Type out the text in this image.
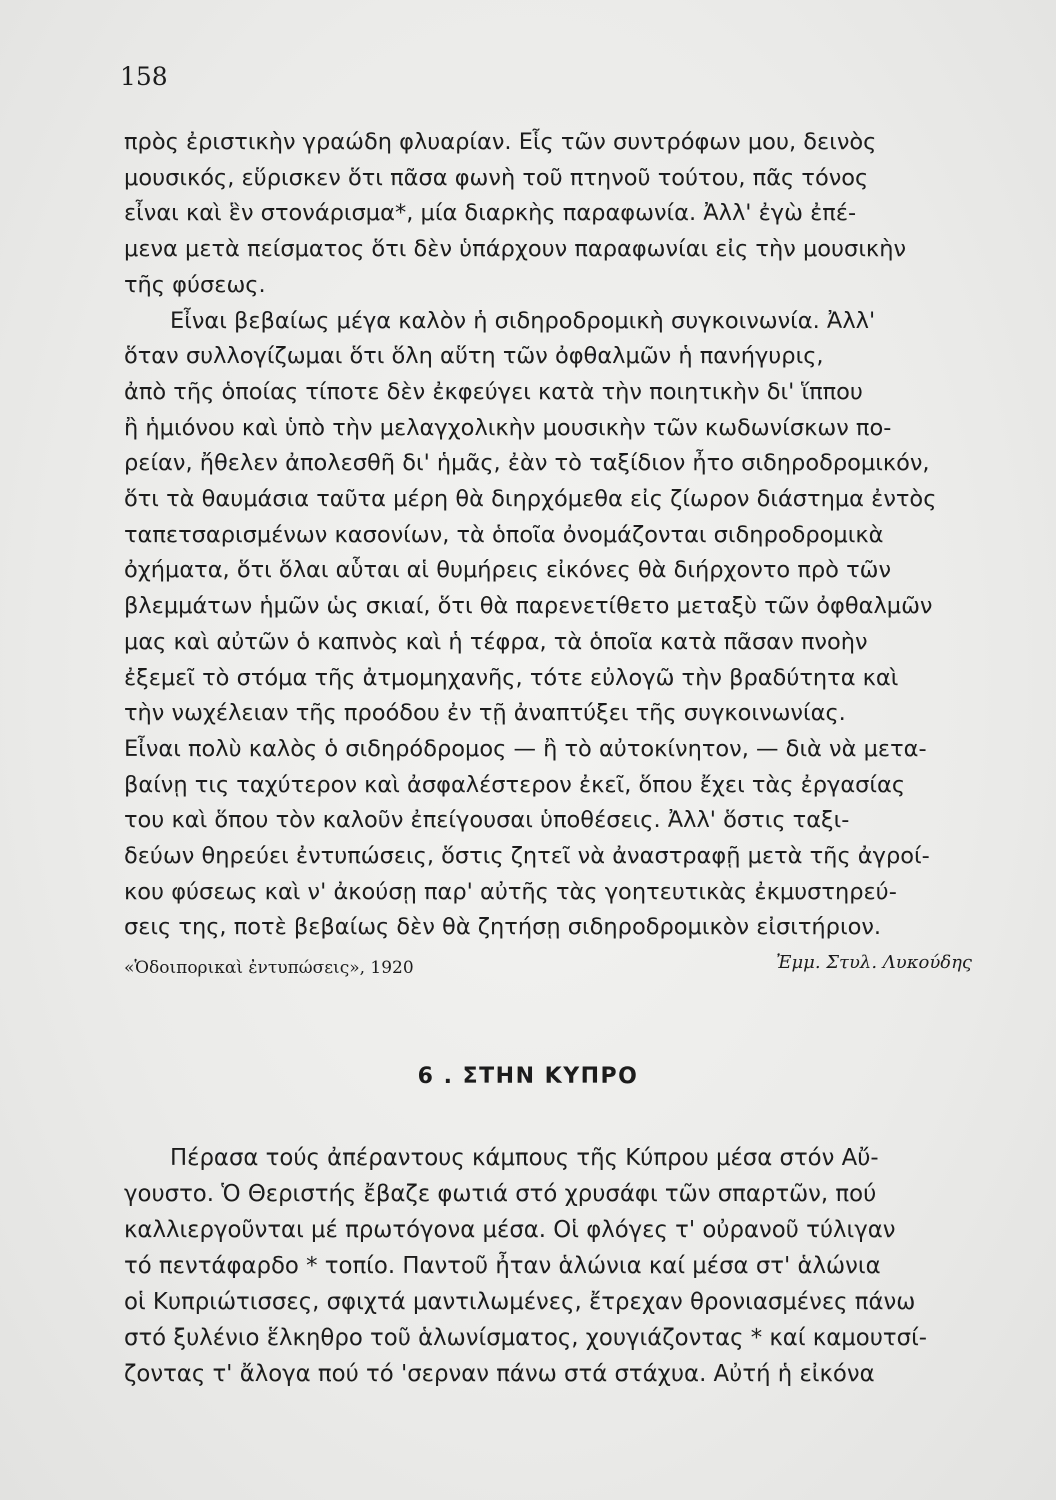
158
πρὸς ἐριστικὴν γραώδη φλυαρίαν. Εἷς τῶν συντρόφων μου, δεινὸς
μουσικός, εὕρισκεν ὅτι πᾶσα φωνὴ τοῦ πτηνοῦ τούτου, πᾶς τόνος
εἶναι καὶ ἓν στονάρισμα*, μία διαρκὴς παραφωνία. Ἀλλ' ἐγὼ ἐπέ-
μενα μετὰ πείσματος ὅτι δὲν ὑπάρχουν παραφωνίαι εἰς τὴν μουσικὴν
τῆς φύσεως.
Εἶναι βεβαίως μέγα καλὸν ἡ σιδηροδρομικὴ συγκοινωνία. Ἀλλ'
ὅταν συλλογίζωμαι ὅτι ὅλη αὕτη τῶν ὀφθαλμῶν ἡ πανήγυρις,
ἀπὸ τῆς ὁποίας τίποτε δὲν ἐκφεύγει κατὰ τὴν ποιητικὴν δι' ἵππου
ἢ ἡμιόνου καὶ ὑπὸ τὴν μελαγχολικὴν μουσικὴν τῶν κωδωνίσκων πο-
ρείαν, ἤθελεν ἀπολεσθῆ δι' ἡμᾶς, ἐὰν τὸ ταξίδιον ἦτο σιδηροδρομικόν,
ὅτι τὰ θαυμάσια ταῦτα μέρη θὰ διηρχόμεθα εἰς ζίωρον διάστημα ἐντὸς
ταπετσαρισμένων κασονίων, τὰ ὁποῖα ὀνομάζονται σιδηροδρομικὰ
ὀχήματα, ὅτι ὅλαι αὗται αἱ θυμήρεις εἰκόνες θὰ διήρχοντο πρὸ τῶν
βλεμμάτων ἡμῶν ὡς σκιαί, ὅτι θὰ παρενετίθετο μεταξὺ τῶν ὀφθαλμῶν
μας καὶ αὐτῶν ὁ καπνὸς καὶ ἡ τέφρα, τὰ ὁποῖα κατὰ πᾶσαν πνοὴν
ἐξεμεῖ τὸ στόμα τῆς ἀτμομηχανῆς, τότε εὐλογῶ τὴν βραδύτητα καὶ
τὴν νωχέλειαν τῆς προόδου ἐν τῇ ἀναπτύξει τῆς συγκοινωνίας.
Εἶναι πολὺ καλὸς ὁ σιδηρόδρομος — ἢ τὸ αὐτοκίνητον, — διὰ νὰ μετα-
βαίνῃ τις ταχύτερον καὶ ἀσφαλέστερον ἐκεῖ, ὅπου ἔχει τὰς ἐργασίας
του καὶ ὅπου τὸν καλοῦν ἐπείγουσαι ὑποθέσεις. Ἀλλ' ὅστις ταξι-
δεύων θηρεύει ἐντυπώσεις, ὅστις ζητεῖ νὰ ἀναστραφῇ μετὰ τῆς ἀγροί-
κου φύσεως καὶ ν' ἀκούσῃ παρ' αὐτῆς τὰς γοητευτικὰς ἐκμυστηρεύ-
σεις της, ποτὲ βεβαίως δὲν θὰ ζητήσῃ σιδηροδρομικὸν εἰσιτήριον.
«Ὁδοιπορικαὶ ἐντυπώσεις», 1920	Ἐμμ. Στυλ. Λυκούδης
6 . ΣΤΗΝ ΚΥΠΡΟ
Πέρασα τούς ἀπέραντους κάμπους τῆς Κύπρου μέσα στόν Αὔ-
γουστο. Ὁ Θεριστής ἔβαζε φωτιά στό χρυσάφι τῶν σπαρτῶν, πού
καλλιεργοῦνται μέ πρωτόγονα μέσα. Οἱ φλόγες τ' οὐρανοῦ τύλιγαν
τό πεντάφαρδο * τοπίο. Παντοῦ ἦταν ἁλώνια καί μέσα στ' ἁλώνια
οἱ Κυπριώτισσες, σφιχτά μαντιλωμένες, ἔτρεχαν θρονιασμένες πάνω
στό ξυλένιο ἕλκηθρο τοῦ ἁλωνίσματος, χουγιάζοντας * καί καμουτσί-
ζοντας τ' ἄλογα πού τό 'σερναν πάνω στά στάχυα. Αὐτή ἡ εἰκόνα
